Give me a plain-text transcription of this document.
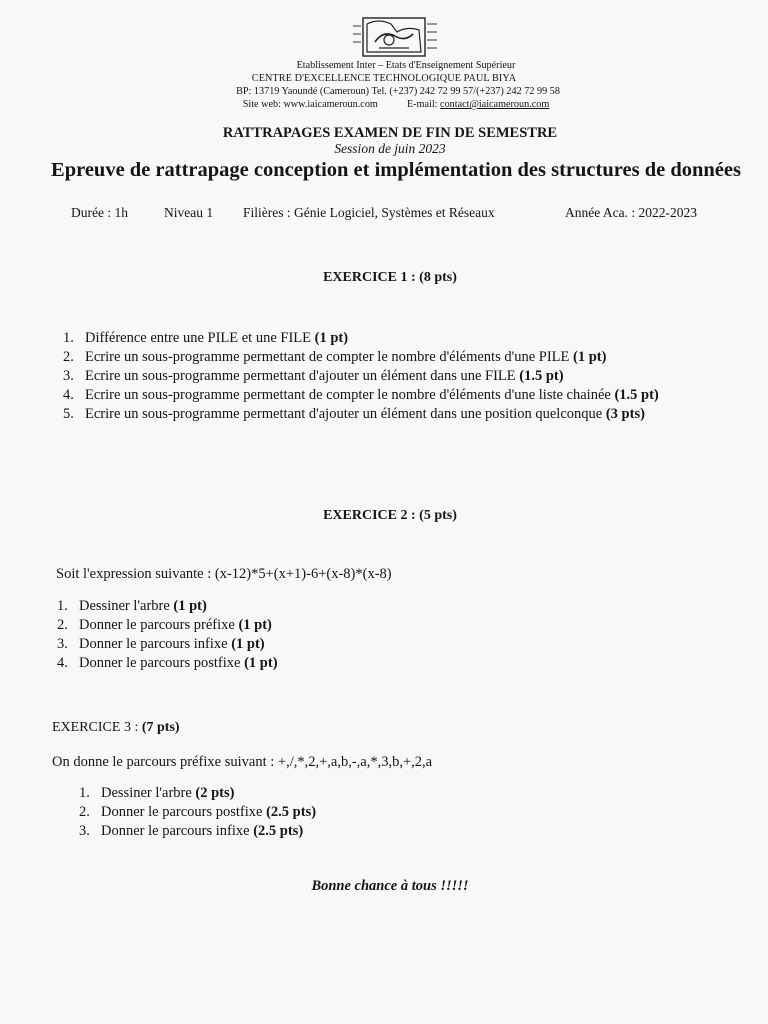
Etablissement Inter – Etats d'Enseignement Supérieur
CENTRE D'EXCELLENCE TECHNOLOGIQUE PAUL BIYA
BP: 13719 Yaoundé (Cameroun) Tel. (+237) 242 72 99 57/(+237) 242 72 99 58
Site web: www.iaicameroun.com	E-mail: contact@iaicameroun.com
RATTRAPAGES EXAMEN DE FIN DE SEMESTRE
Session de juin 2023
Epreuve de rattrapage conception et implémentation des structures de données
Durée : 1h	Niveau 1 Filières : Génie Logiciel, Systèmes et Réseaux	Année Aca. : 2022-2023
EXERCICE 1 : (8 pts)
1. Différence entre une PILE et une FILE (1 pt)
2. Ecrire un sous-programme permettant de compter le nombre d'éléments d'une PILE (1 pt)
3. Ecrire un sous-programme permettant d'ajouter un élément dans une FILE (1.5 pt)
4. Ecrire un sous-programme permettant de compter le nombre d'éléments d'une liste chainée (1.5 pt)
5. Ecrire un sous-programme permettant d'ajouter un élément dans une position quelconque (3 pts)
EXERCICE 2 : (5 pts)
Soit l'expression suivante : (x-12)*5+(x+1)-6+(x-8)*(x-8)
1. Dessiner l'arbre (1 pt)
2. Donner le parcours préfixe (1 pt)
3. Donner le parcours infixe (1 pt)
4. Donner le parcours postfixe (1 pt)
EXERCICE 3 : (7 pts)
On donne le parcours préfixe suivant : +,/,*,2,+,a,b,-,a,*,3,b,+,2,a
1. Dessiner l'arbre (2 pts)
2. Donner le parcours postfixe (2.5 pts)
3. Donner le parcours infixe (2.5 pts)
Bonne chance à tous !!!!!
